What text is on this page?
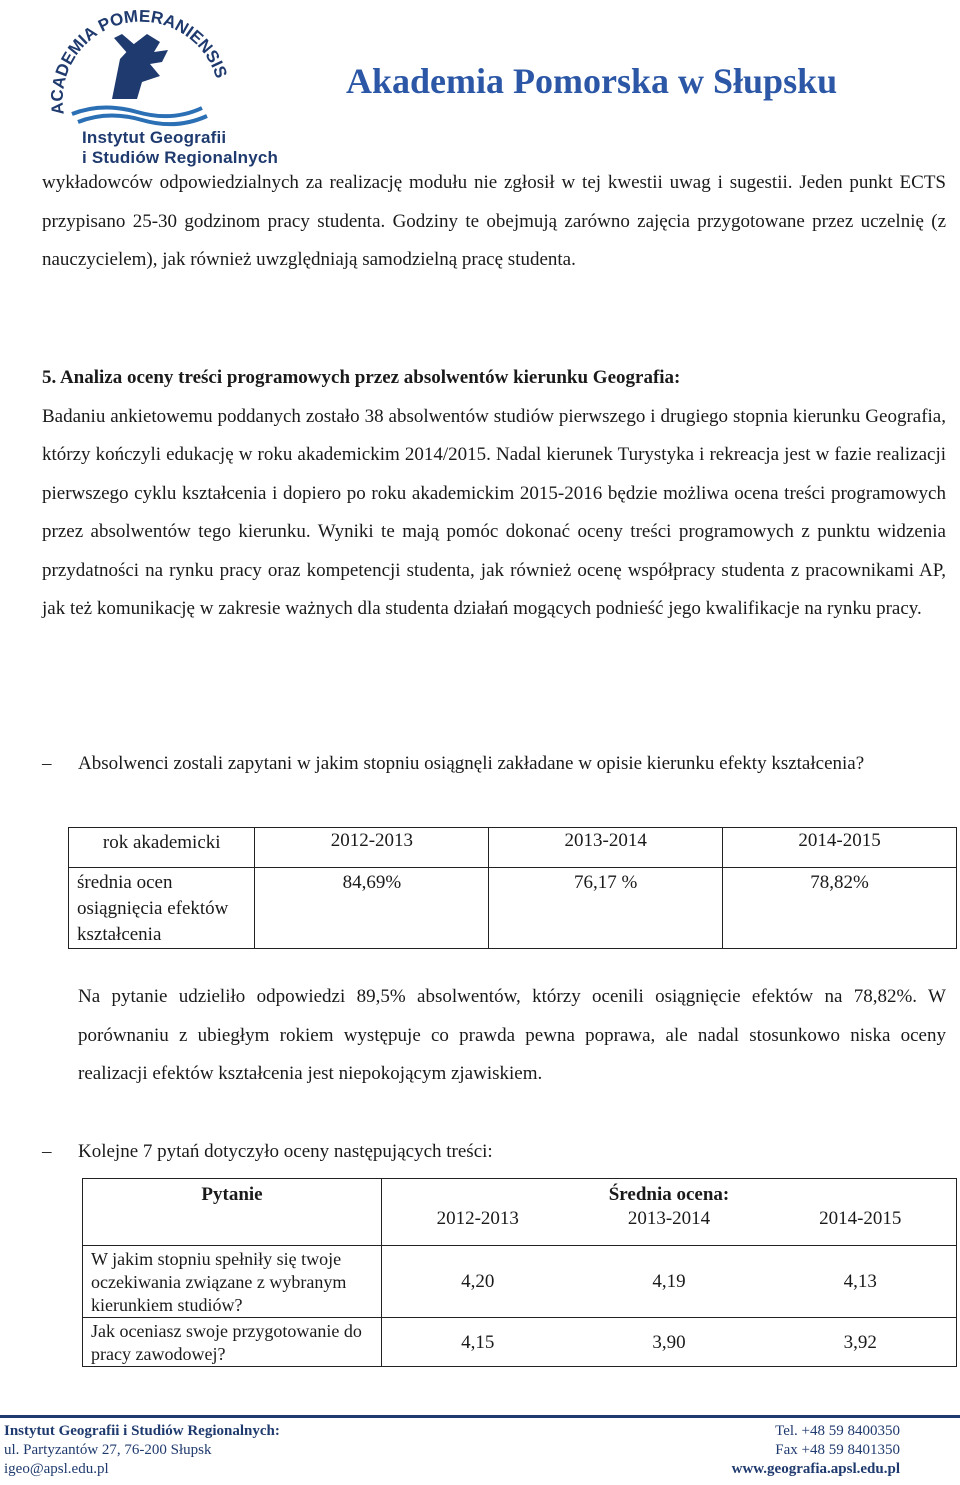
ACADEMIA POMERANIENSIS
Instytut Geografii
i Studiów Regionalnych
Akademia Pomorska w Słupsku

wykładowców odpowiedzialnych za realizację modułu nie zgłosił w tej kwestii uwag i sugestii. Jeden punkt ECTS przypisano 25-30 godzinom pracy studenta. Godziny te obejmują zarówno zajęcia przygotowane przez uczelnię (z nauczycielem), jak również uwzględniają samodzielną pracę studenta.

5. Analiza oceny treści programowych przez absolwentów kierunku Geografia:

Badaniu ankietowemu poddanych zostało 38 absolwentów studiów pierwszego i drugiego stopnia kierunku Geografia, którzy kończyli edukację w roku akademickim 2014/2015. Nadal kierunek Turystyka i rekreacja jest w fazie realizacji pierwszego cyklu kształcenia i dopiero po roku akademickim 2015-2016 będzie możliwa ocena treści programowych przez absolwentów tego kierunku. Wyniki te mają pomóc dokonać oceny treści programowych z punktu widzenia przydatności na rynku pracy oraz kompetencji studenta, jak również ocenę współpracy studenta z pracownikami AP, jak też komunikację w zakresie ważnych dla studenta działań mogących podnieść jego kwalifikacje na rynku pracy.

–	Absolwenci zostali zapytani w jakim stopniu osiągnęli zakładane w opisie kierunku efekty kształcenia?
rok akademicki	2012-2013	2013-2014	2014-2015
średnia ocen osiągnięcia efektów kształcenia	84,69%	76,17 %	78,82%
Na pytanie udzieliło odpowiedzi 89,5% absolwentów, którzy ocenili osiągnięcie efektów na 78,82%. W porównaniu z ubiegłym rokiem występuje co prawda pewna poprawa, ale nadal stosunkowo niska oceny realizacji efektów kształcenia jest niepokojącym zjawiskiem.
–	Kolejne 7 pytań dotyczyło oceny następujących treści:
Pytanie	Średnia ocena:		
	2012-2013	2013-2014	2014-2015
W jakim stopniu spełniły się twoje oczekiwania związane z wybranym kierunkiem studiów?	4,20	4,19	4,13
Jak oceniasz swoje przygotowanie do pracy zawodowej?	4,15	3,90	3,92
Instytut Geografii i Studiów Regionalnych:
ul. Partyzantów 27, 76-200 Słupsk
igeo@apsl.edu.pl
Tel. +48 59 8400350
Fax +48 59 8401350
www.geografia.apsl.edu.pl
